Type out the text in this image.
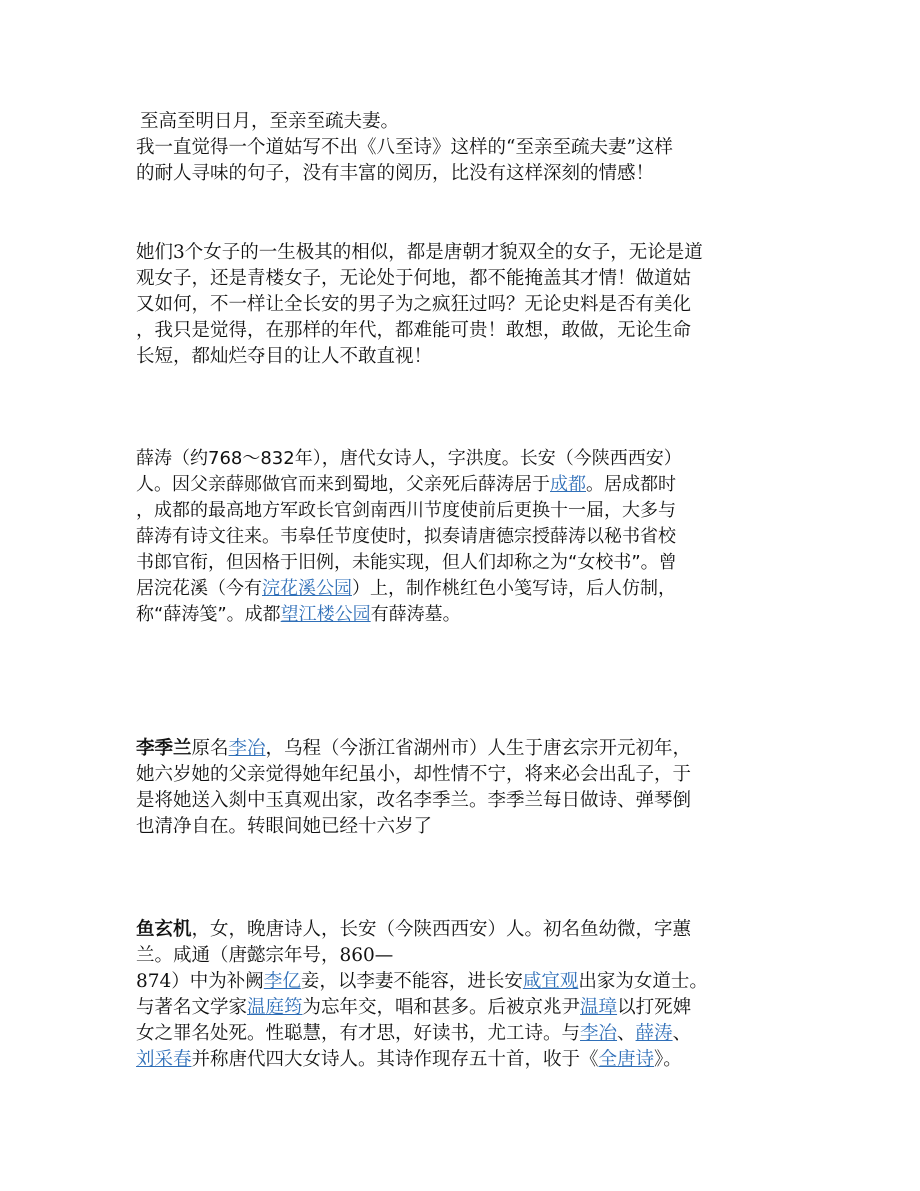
至高至明日月，至亲至疏夫妻。
我一直觉得一个道姑写不出《八至诗》这样的“至亲至疏夫妻”这样
的耐人寻味的句子，没有丰富的阅历，比没有这样深刻的情感！
她们3个女子的一生极其的相似，都是唐朝才貌双全的女子，无论是道
观女子，还是青楼女子，无论处于何地，都不能掩盖其才情！做道姑
又如何，不一样让全长安的男子为之疯狂过吗？无论史料是否有美化
，我只是觉得，在那样的年代，都难能可贵！敢想，敢做，无论生命
长短，都灿烂夺目的让人不敢直视！
薛涛（约768～832年），唐代女诗人，字洪度。长安（今陕西西安）
人。因父亲薛郧做官而来到蜀地，父亲死后薛涛居于成都。居成都时
，成都的最高地方军政长官剑南西川节度使前后更换十一届，大多与
薛涛有诗文往来。韦皋任节度使时，拟奏请唐德宗授薛涛以秘书省校
书郎官衔，但因格于旧例，未能实现，但人们却称之为“女校书”。曾
居浣花溪（今有浣花溪公园）上，制作桃红色小笺写诗，后人仿制，
称“薛涛笺”。成都望江楼公园有薛涛墓。
李季兰原名李冶，乌程（今浙江省湖州市）人生于唐玄宗开元初年，
她六岁她的父亲觉得她年纪虽小，却性情不宁，将来必会出乱子，于
是将她送入剡中玉真观出家，改名李季兰。李季兰每日做诗、弹琴倒
也清净自在。转眼间她已经十六岁了
鱼玄机，女，晚唐诗人，长安（今陕西西安）人。初名鱼幼微，字蕙
兰。咸通（唐懿宗年号，860—
874）中为补阙李亿妾，以李妻不能容，进长安咸宜观出家为女道士。
与著名文学家温庭筠为忘年交，唱和甚多。后被京兆尹温璋以打死婢
女之罪名处死。性聪慧，有才思，好读书，尤工诗。与李冶、薛涛、
刘采春并称唐代四大女诗人。其诗作现存五十首，收于《全唐诗》。
